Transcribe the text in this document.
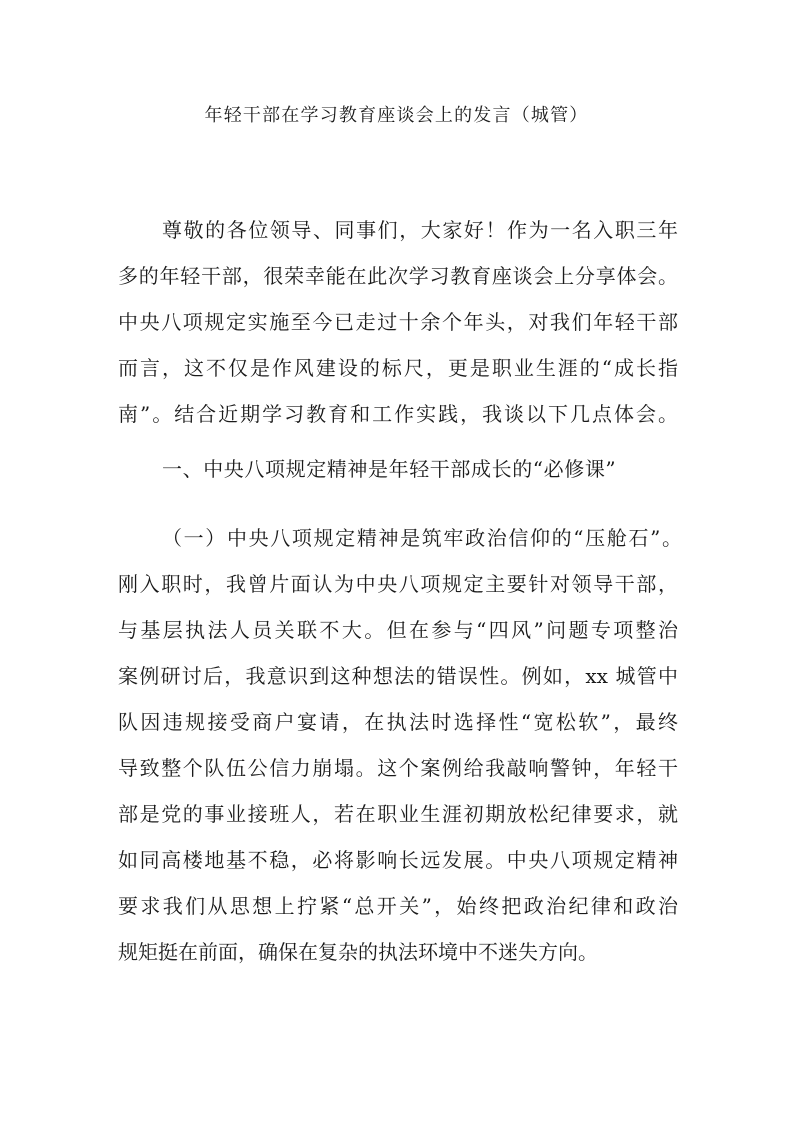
年轻干部在学习教育座谈会上的发言（城管）
尊敬的各位领导、同事们，大家好！作为一名入职三年
多的年轻干部，很荣幸能在此次学习教育座谈会上分享体会。
中央八项规定实施至今已走过十余个年头，对我们年轻干部
而言，这不仅是作风建设的标尺，更是职业生涯的“成长指
南”。结合近期学习教育和工作实践，我谈以下几点体会。
一、中央八项规定精神是年轻干部成长的“必修课”
（一）中央八项规定精神是筑牢政治信仰的“压舱石”。
刚入职时，我曾片面认为中央八项规定主要针对领导干部，
与基层执法人员关联不大。但在参与“四风”问题专项整治
案例研讨后，我意识到这种想法的错误性。例如，xx 城管中
队因违规接受商户宴请，在执法时选择性“宽松软”，最终
导致整个队伍公信力崩塌。这个案例给我敲响警钟，年轻干
部是党的事业接班人，若在职业生涯初期放松纪律要求，就
如同高楼地基不稳，必将影响长远发展。中央八项规定精神
要求我们从思想上拧紧“总开关”，始终把政治纪律和政治
规矩挺在前面，确保在复杂的执法环境中不迷失方向。
